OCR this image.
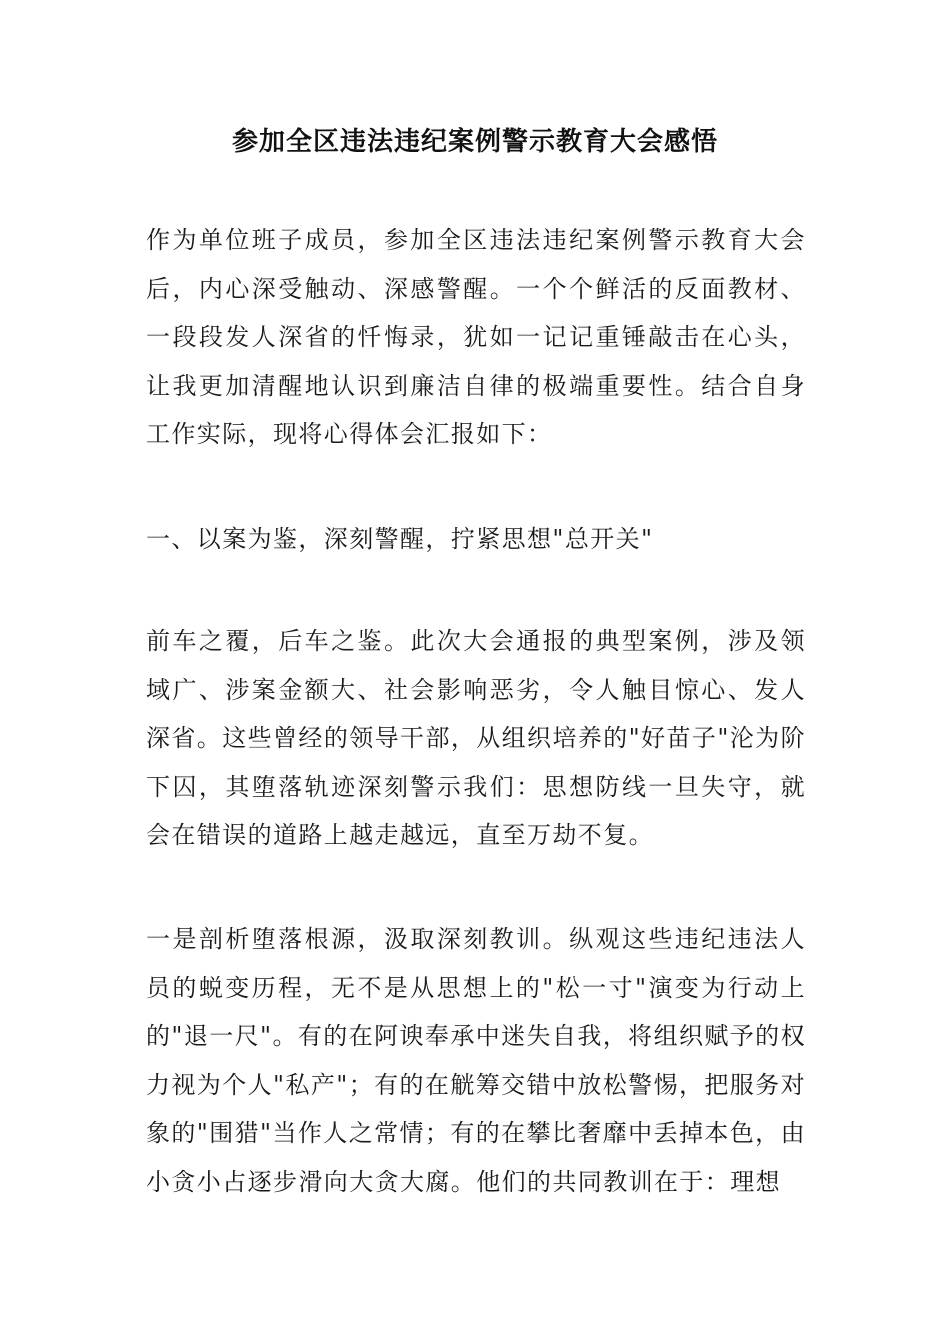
参加全区违法违纪案例警示教育大会感悟
作为单位班子成员，参加全区违法违纪案例警示教育大会后，内心深受触动、深感警醒。一个个鲜活的反面教材、一段段发人深省的忏悔录，犹如一记记重锤敲击在心头，让我更加清醒地认识到廉洁自律的极端重要性。结合自身工作实际，现将心得体会汇报如下：
一、以案为鉴，深刻警醒，拧紧思想"总开关"
前车之覆，后车之鉴。此次大会通报的典型案例，涉及领域广、涉案金额大、社会影响恶劣，令人触目惊心、发人深省。这些曾经的领导干部，从组织培养的"好苗子"沦为阶下囚，其堕落轨迹深刻警示我们：思想防线一旦失守，就会在错误的道路上越走越远，直至万劫不复。
一是剖析堕落根源，汲取深刻教训。纵观这些违纪违法人员的蜕变历程，无不是从思想上的"松一寸"演变为行动上的"退一尺"。有的在阿谀奉承中迷失自我，将组织赋予的权力视为个人"私产"；有的在觥筹交错中放松警惕，把服务对象的"围猎"当作人之常情；有的在攀比奢靡中丢掉本色，由小贪小占逐步滑向大贪大腐。他们的共同教训在于：理想
